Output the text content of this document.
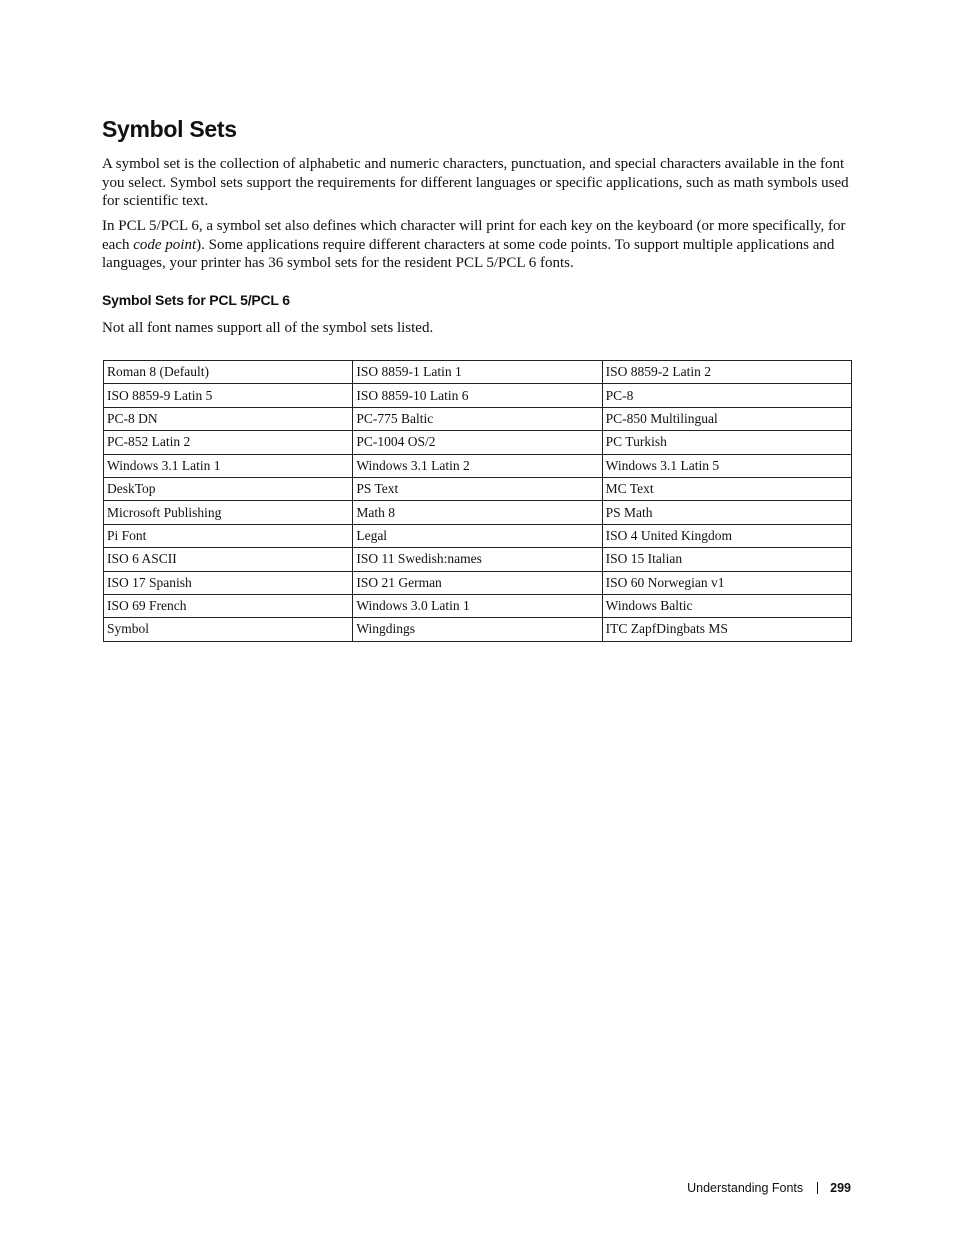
Symbol Sets

A symbol set is the collection of alphabetic and numeric characters, punctuation, and special characters available in the font you select. Symbol sets support the requirements for different languages or specific applications, such as math symbols used for scientific text.

In PCL 5/PCL 6, a symbol set also defines which character will print for each key on the keyboard (or more specifically, for each code point). Some applications require different characters at some code points. To support multiple applications and languages, your printer has 36 symbol sets for the resident PCL 5/PCL 6 fonts.

Symbol Sets for PCL 5/PCL 6

Not all font names support all of the symbol sets listed.

Roman 8 (Default)	ISO 8859-1 Latin 1	ISO 8859-2 Latin 2
ISO 8859-9 Latin 5	ISO 8859-10 Latin 6	PC-8
PC-8 DN	PC-775 Baltic	PC-850 Multilingual
PC-852 Latin 2	PC-1004 OS/2	PC Turkish
Windows 3.1 Latin 1	Windows 3.1 Latin 2	Windows 3.1 Latin 5
DeskTop	PS Text	MC Text
Microsoft Publishing	Math 8	PS Math
Pi Font	Legal	ISO 4 United Kingdom
ISO 6 ASCII	ISO 11 Swedish:names	ISO 15 Italian
ISO 17 Spanish	ISO 21 German	ISO 60 Norwegian v1
ISO 69 French	Windows 3.0 Latin 1	Windows Baltic
Symbol	Wingdings	ITC ZapfDingbats MS
Understanding Fonts 299
